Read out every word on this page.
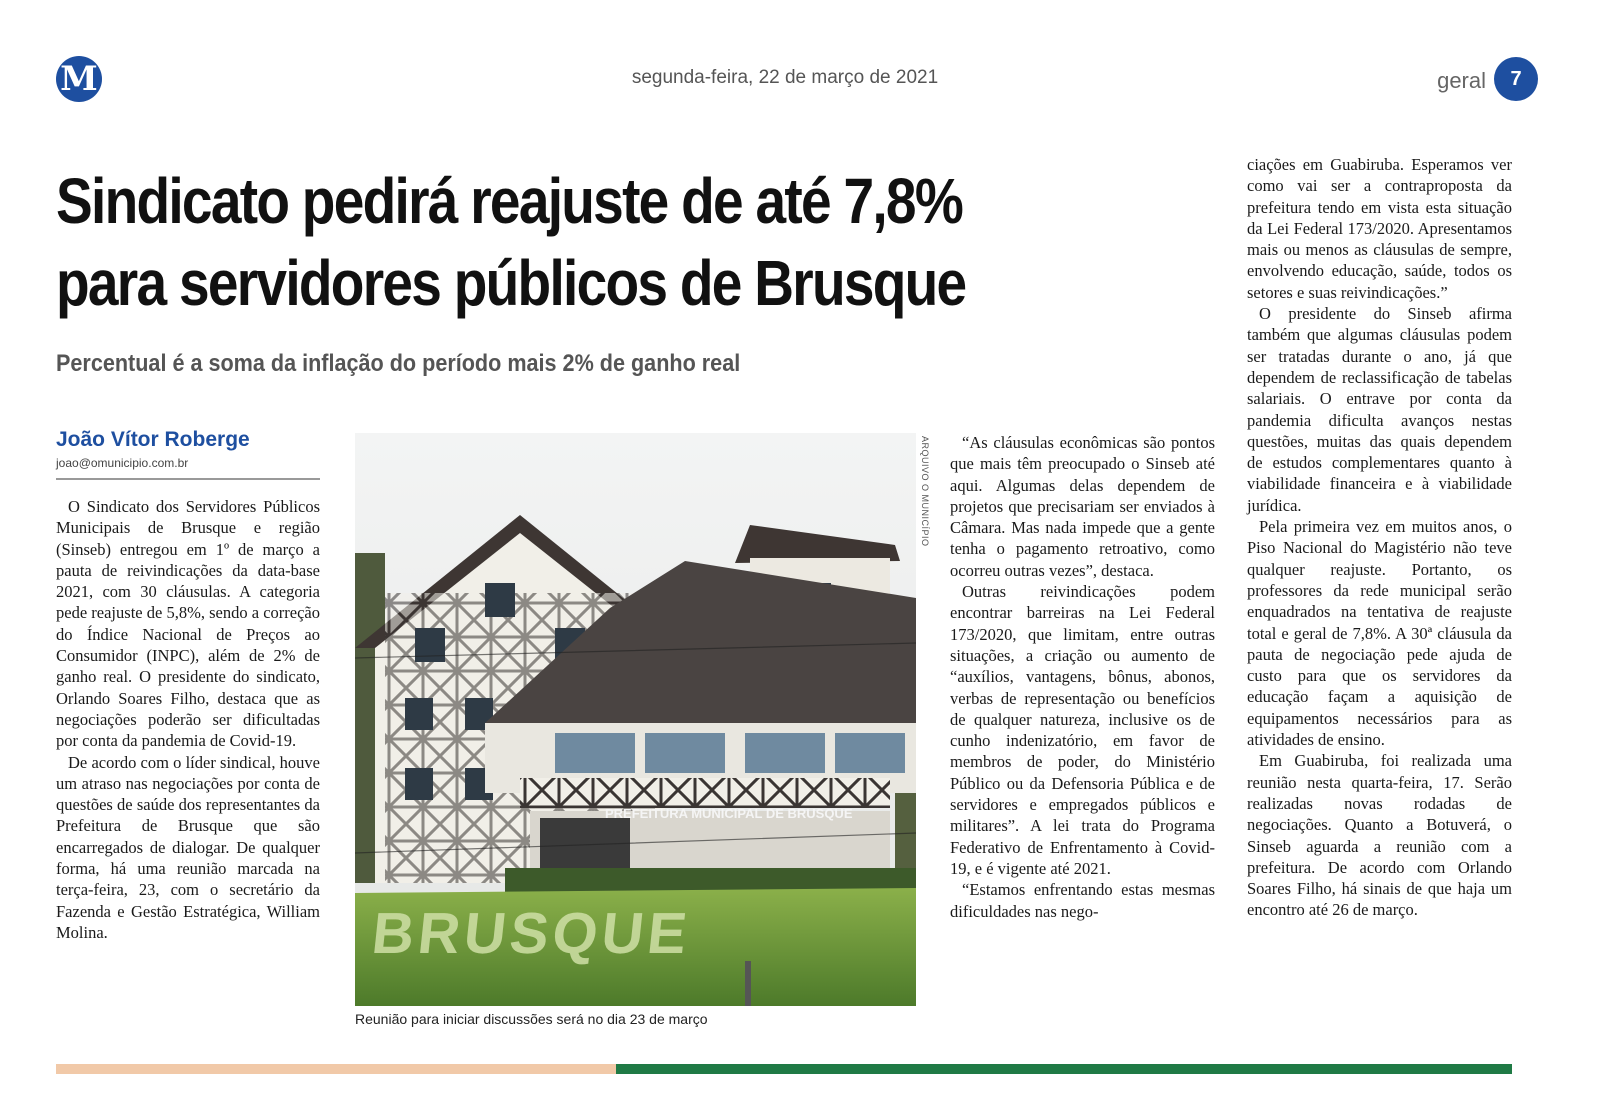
M	segunda-feira, 22 de março de 2021	geral	7
Sindicato pedirá reajuste de até 7,8%
para servidores públicos de Brusque
Percentual é a soma da inflação do período mais 2% de ganho real
João Vítor Roberge
joao@omunicipio.com.br

O Sindicato dos Servidores Públicos Municipais de Brusque e região (Sinseb) entregou em 1º de março a pauta de reivindicações da data-base 2021, com 30 cláusulas. A categoria pede reajuste de 5,8%, sendo a correção do Índice Nacional de Preços ao Consumidor (INPC), além de 2% de ganho real. O presidente do sindicato, Orlando Soares Filho, destaca que as negociações poderão ser dificultadas por conta da pandemia de Covid-19.

De acordo com o líder sindical, houve um atraso nas negociações por conta de questões de saúde dos representantes da Prefeitura de Brusque que são encarregados de dialogar. De qualquer forma, há uma reunião marcada na terça-feira, 23, com o secretário da Fazenda e Gestão Estratégica, William Molina.

PREFEITURA MUNICIPAL DE BRUSQUE
BRUSQUE
ARQUIVO O MUNICÍPIO
Reunião para iniciar discussões será no dia 23 de março

“As cláusulas econômicas são pontos que mais têm preocupado o Sinseb até aqui. Algumas delas dependem de projetos que precisariam ser enviados à Câmara. Mas nada impede que a gente tenha o pagamento retroativo, como ocorreu outras vezes”, destaca.

Outras reivindicações podem encontrar barreiras na Lei Federal 173/2020, que limitam, entre outras situações, a criação ou aumento de “auxílios, vantagens, bônus, abonos, verbas de representação ou benefícios de qualquer natureza, inclusive os de cunho indenizatório, em favor de membros de poder, do Ministério Público ou da Defensoria Pública e de servidores e empregados públicos e militares”. A lei trata do Programa Federativo de Enfrentamento à Covid-19, e é vigente até 2021.

“Estamos enfrentando estas mesmas dificuldades nas nego-

ciações em Guabiruba. Esperamos ver como vai ser a contraproposta da prefeitura tendo em vista esta situação da Lei Federal 173/2020. Apresentamos mais ou menos as cláusulas de sempre, envolvendo educação, saúde, todos os setores e suas reivindicações.”

O presidente do Sinseb afirma também que algumas cláusulas podem ser tratadas durante o ano, já que dependem de reclassificação de tabelas salariais. O entrave por conta da pandemia dificulta avanços nestas questões, muitas das quais dependem de estudos complementares quanto à viabilidade financeira e à viabilidade jurídica.

Pela primeira vez em muitos anos, o Piso Nacional do Magistério não teve qualquer reajuste. Portanto, os professores da rede municipal serão enquadrados na tentativa de reajuste total e geral de 7,8%. A 30ª cláusula da pauta de negociação pede ajuda de custo para que os servidores da educação façam a aquisição de equipamentos necessários para as atividades de ensino.

Em Guabiruba, foi realizada uma reunião nesta quarta-feira, 17. Serão realizadas novas rodadas de negociações. Quanto a Botuverá, o Sinseb aguarda a reunião com a prefeitura. De acordo com Orlando Soares Filho, há sinais de que haja um encontro até 26 de março.
